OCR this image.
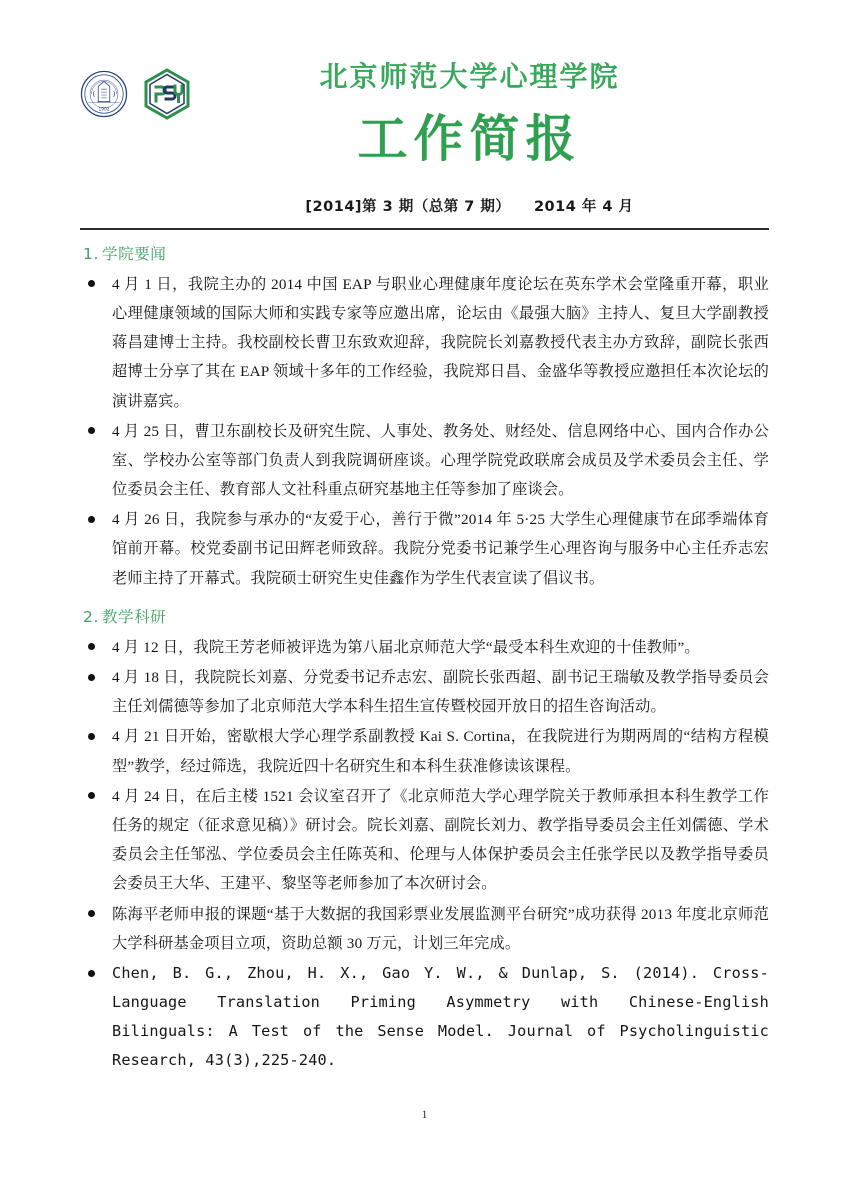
1902
北京师范大学心理学院
工作简报
[2014]第 3 期（总第 7 期） 2014 年 4 月
1. 学院要闻
4 月 1 日，我院主办的 2014 中国 EAP 与职业心理健康年度论坛在英东学术会堂隆重开幕，职业心理健康领域的国际大师和实践专家等应邀出席，论坛由《最强大脑》主持人、复旦大学副教授蒋昌建博士主持。我校副校长曹卫东致欢迎辞，我院院长刘嘉教授代表主办方致辞，副院长张西超博士分享了其在 EAP 领域十多年的工作经验，我院郑日昌、金盛华等教授应邀担任本次论坛的演讲嘉宾。
4 月 25 日，曹卫东副校长及研究生院、人事处、教务处、财经处、信息网络中心、国内合作办公室、学校办公室等部门负责人到我院调研座谈。心理学院党政联席会成员及学术委员会主任、学位委员会主任、教育部人文社科重点研究基地主任等参加了座谈会。
4 月 26 日，我院参与承办的“友爱于心，善行于微”2014 年 5·25 大学生心理健康节在邱季端体育馆前开幕。校党委副书记田辉老师致辞。我院分党委书记兼学生心理咨询与服务中心主任乔志宏老师主持了开幕式。我院硕士研究生史佳鑫作为学生代表宣读了倡议书。
2. 教学科研
4 月 12 日，我院王芳老师被评选为第八届北京师范大学“最受本科生欢迎的十佳教师”。
4 月 18 日，我院院长刘嘉、分党委书记乔志宏、副院长张西超、副书记王瑞敏及教学指导委员会主任刘儒德等参加了北京师范大学本科生招生宣传暨校园开放日的招生咨询活动。
4 月 21 日开始，密歇根大学心理学系副教授 Kai S. Cortina，在我院进行为期两周的“结构方程模型”教学，经过筛选，我院近四十名研究生和本科生获准修读该课程。
4 月 24 日，在后主楼 1521 会议室召开了《北京师范大学心理学院关于教师承担本科生教学工作任务的规定（征求意见稿）》研讨会。院长刘嘉、副院长刘力、教学指导委员会主任刘儒德、学术委员会主任邹泓、学位委员会主任陈英和、伦理与人体保护委员会主任张学民以及教学指导委员会委员王大华、王建平、黎坚等老师参加了本次研讨会。
陈海平老师申报的课题“基于大数据的我国彩票业发展监测平台研究”成功获得 2013 年度北京师范大学科研基金项目立项，资助总额 30 万元，计划三年完成。
Chen, B. G., Zhou, H. X., Gao Y. W., & Dunlap, S. (2014). Cross-Language Translation Priming Asymmetry with Chinese-English Bilinguals: A Test of the Sense Model. Journal of Psycholinguistic Research, 43(3),225-240.
1
